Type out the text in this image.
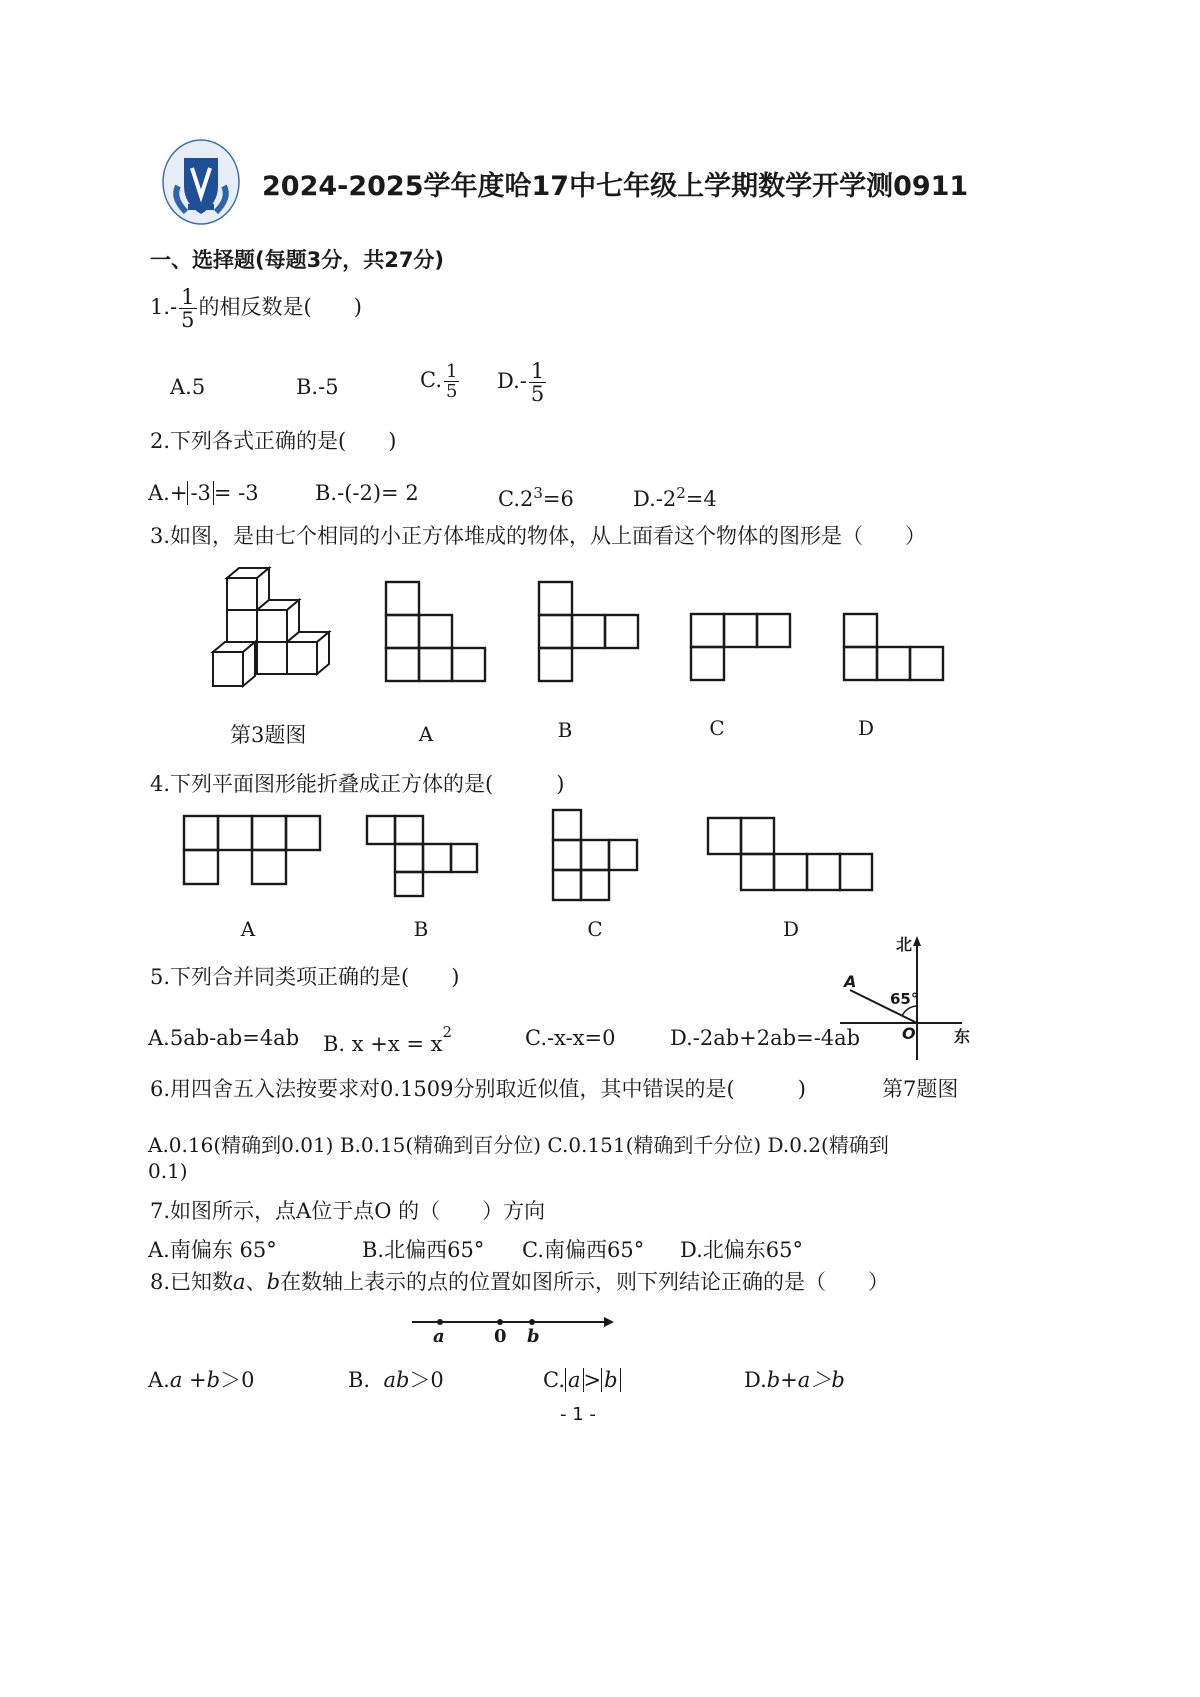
2024-2025学年度哈17中七年级上学期数学开学测0911
一、选择题(每题3分，共27分)
$1.- \frac{1}{5}$ 的相反数是(　　)
A.5	B.-5	C. $\frac{1}{5} D.- \frac{1}{5}$
2.下列各式正确的是(　　)
A.+ -3 = -3	B.-(-2)= 2	$C.2^3=6$	$D.-2^2=4$
3.如图，是由七个相同的小正方体堆成的物体，从上面看这个物体的图形是（　　）
第3题图	A	B	C	D
4.下列平面图形能折叠成正方体的是(　　　)
A	B	C	D
5.下列合并同类项正确的是(　　)
A.5ab-ab=4ab B. $x +x = x^2$	C.-x-x=0	D.-2ab+2ab=-4ab
北
东
A
O
65°
6.用四舍五入法按要求对0.1509分别取近似值，其中错误的是(　　　)	第7题图
A.0.16(精确到0.01) B.0.15(精确到百分位) C.0.151(精确到千分位) D.0.2(精确到
0.1)
7.如图所示，点A位于点O 的（　　）方向
A.南偏东 65°	B.北偏西65° C.南偏西65° D.北偏东65°
8.已知数a、b在数轴上表示的点的位置如图所示，则下列结论正确的是（　　）
a	0 b
A.a +b＞0	B. ab＞0	C. a > b	D.b+a＞b
- 1 -
